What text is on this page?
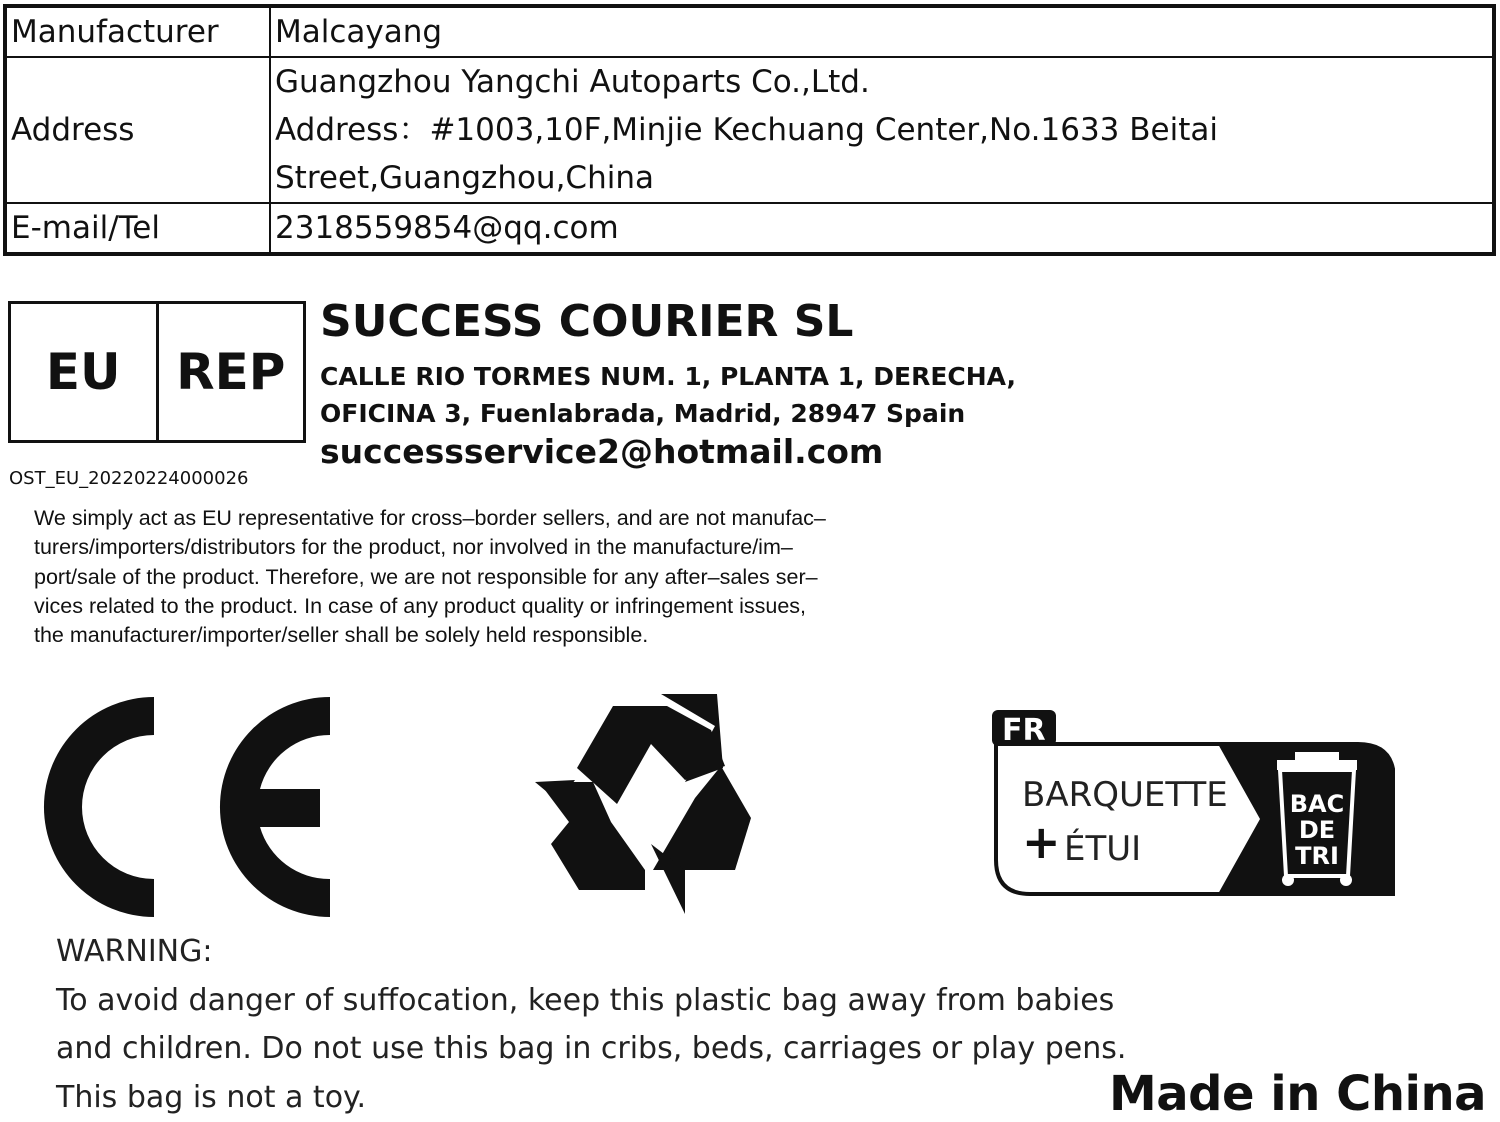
Manufacturer	Malcayang
Address	Guangzhou Yangchi Autoparts Co.,Ltd.
Address：#1003,10F,Minjie Kechuang Center,No.1633 Beitai
Street,Guangzhou,China

E-mail/Tel	2318559854@qq.com
EU	REP
OST_EU_20220224000026
SUCCESS COURIER SL
CALLE RIO TORMES NUM. 1, PLANTA 1, DERECHA,
OFICINA 3, Fuenlabrada, Madrid, 28947 Spain
successservice2@hotmail.com
We simply act as EU representative for cross–border sellers, and are not manufac–
turers/importers/distributors for the product, nor involved in the manufacture/im–
port/sale of the product. Therefore, we are not responsible for any after–sales ser–
vices related to the product. In case of any product quality or infringement issues,
the manufacturer/importer/seller shall be solely held responsible.
FR
BARQUETTE
+ ÉTUI
BAC
DE
TRI
WARNING:
To avoid danger of suffocation, keep this plastic bag away from babies
and children. Do not use this bag in cribs, beds, carriages or play pens.
This bag is not a toy.	Made in China
